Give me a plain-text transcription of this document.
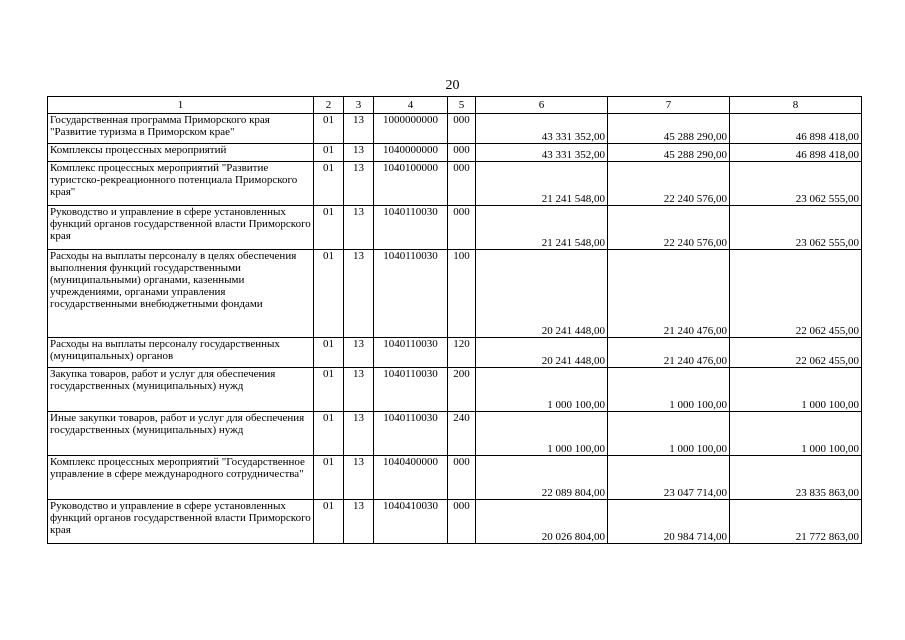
20
1	2	3	4	5	6	7	8
Государственная программа Приморского края "Развитие туризма в Приморском крае"	01	13	1000000000	000	43 331 352,00	45 288 290,00	46 898 418,00
Комплексы процессных мероприятий	01	13	1040000000	000	43 331 352,00	45 288 290,00	46 898 418,00
Комплекс процессных мероприятий "Развитие туристско-рекреационного потенциала Приморского края"	01	13	1040100000	000	21 241 548,00	22 240 576,00	23 062 555,00
Руководство и управление в сфере установленных функций органов государственной власти Приморского края	01	13	1040110030	000	21 241 548,00	22 240 576,00	23 062 555,00
Расходы на выплаты персоналу в целях обеспечения выполнения функций государственными (муниципальными) органами, казенными учреждениями, органами управления государственными внебюджетными фондами	01	13	1040110030	100	20 241 448,00	21 240 476,00	22 062 455,00
Расходы на выплаты персоналу государственных (муниципальных) органов	01	13	1040110030	120	20 241 448,00	21 240 476,00	22 062 455,00
Закупка товаров, работ и услуг для обеспечения государственных (муниципальных) нужд	01	13	1040110030	200	1 000 100,00	1 000 100,00	1 000 100,00
Иные закупки товаров, работ и услуг для обеспечения государственных (муниципальных) нужд	01	13	1040110030	240	1 000 100,00	1 000 100,00	1 000 100,00
Комплекс процессных мероприятий "Государственное управление в сфере международного сотрудничества"	01	13	1040400000	000	22 089 804,00	23 047 714,00	23 835 863,00
Руководство и управление в сфере установленных функций органов государственной власти Приморского края	01	13	1040410030	000	20 026 804,00	20 984 714,00	21 772 863,00
